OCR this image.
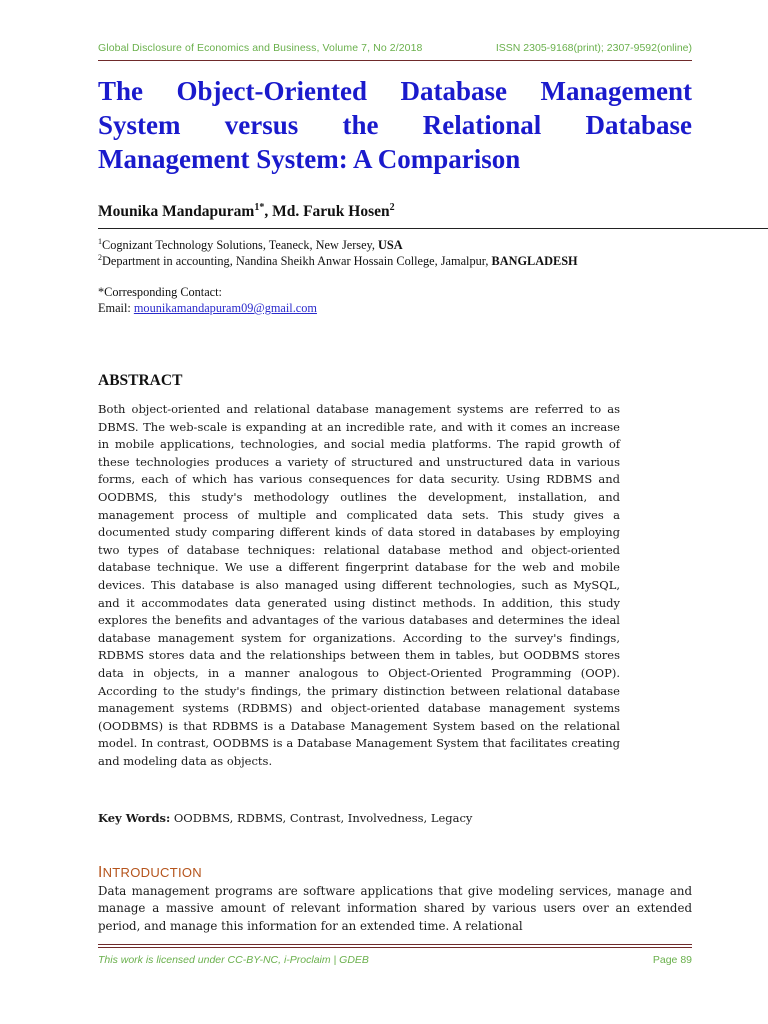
Global Disclosure of Economics and Business, Volume 7, No 2/2018	ISSN 2305-9168(print); 2307-9592(online)
The Object-Oriented Database Management System versus the Relational Database Management System: A Comparison
Mounika Mandapuram$^{1*}$, Md. Faruk Hosen$^2$
$^1$Cognizant Technology Solutions, Teaneck, New Jersey, USA
$^2$Department in accounting, Nandina Sheikh Anwar Hossain College, Jamalpur, BANGLADESH
*Corresponding Contact:
Email: mounikamandapuram09@gmail.com
ABSTRACT
Both object-oriented and relational database management systems are referred to as DBMS. The web-scale is expanding at an incredible rate, and with it comes an increase in mobile applications, technologies, and social media platforms. The rapid growth of these technologies produces a variety of structured and unstructured data in various forms, each of which has various consequences for data security. Using RDBMS and OODBMS, this study's methodology outlines the development, installation, and management process of multiple and complicated data sets. This study gives a documented study comparing different kinds of data stored in databases by employing two types of database techniques: relational database method and object-oriented database technique. We use a different fingerprint database for the web and mobile devices. This database is also managed using different technologies, such as MySQL, and it accommodates data generated using distinct methods. In addition, this study explores the benefits and advantages of the various databases and determines the ideal database management system for organizations. According to the survey's findings, RDBMS stores data and the relationships between them in tables, but OODBMS stores data in objects, in a manner analogous to Object-Oriented Programming (OOP). According to the study's findings, the primary distinction between relational database management systems (RDBMS) and object-oriented database management systems (OODBMS) is that RDBMS is a Database Management System based on the relational model. In contrast, OODBMS is a Database Management System that facilitates creating and modeling data as objects.
Key Words: OODBMS, RDBMS, Contrast, Involvedness, Legacy
INTRODUCTION
Data management programs are software applications that give modeling services, manage and manage a massive amount of relevant information shared by various users over an extended period, and manage this information for an extended time. A relational
This work is licensed under CC-BY-NC, i-Proclaim | GDEB	Page 89
